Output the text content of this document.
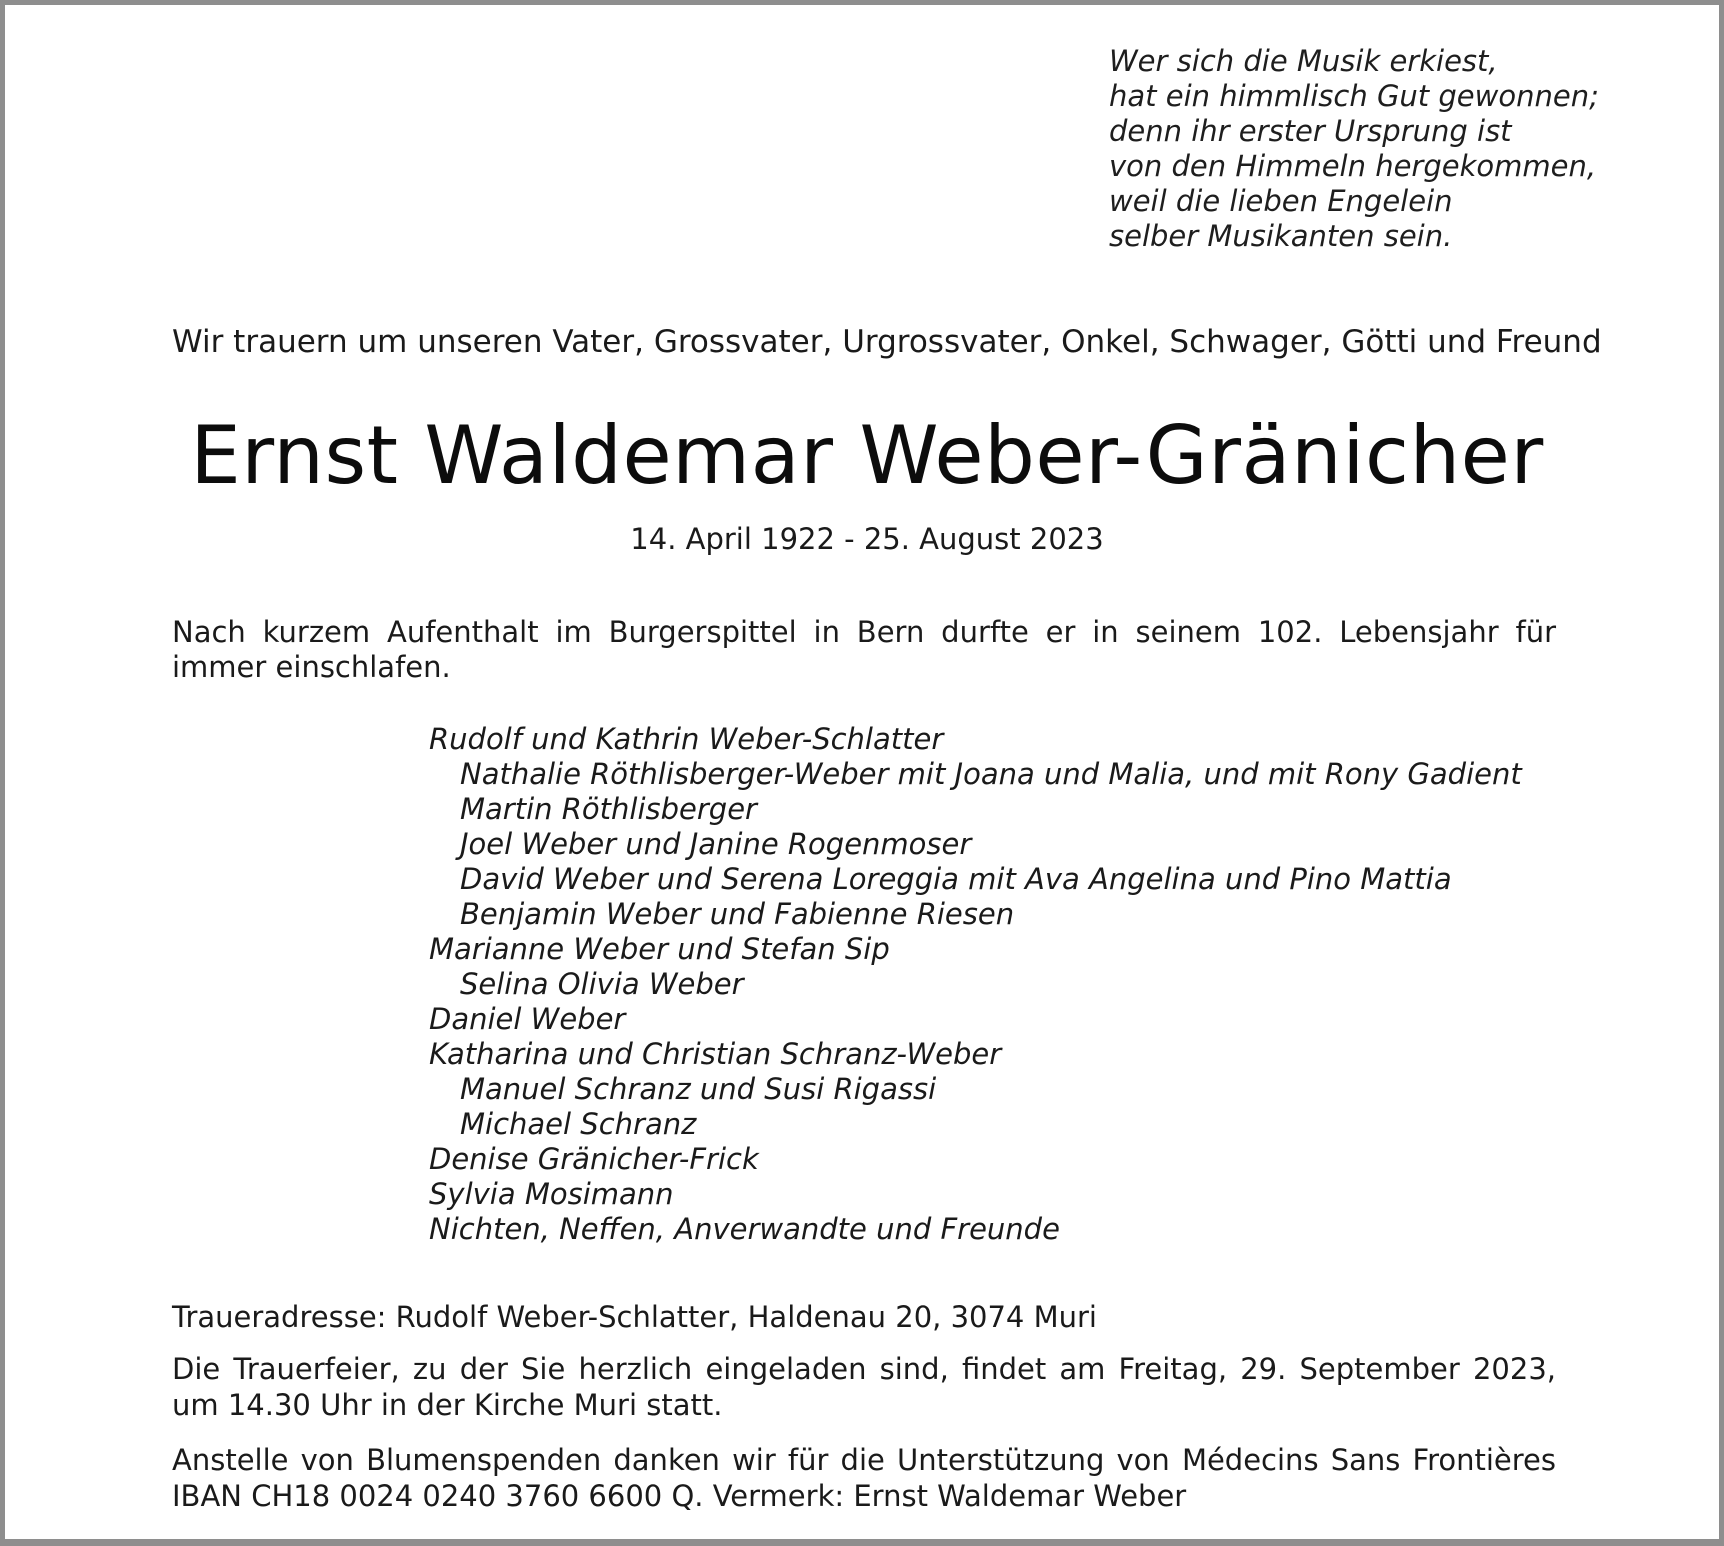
Wer sich die Musik erkiest,
hat ein himmlisch Gut gewonnen;
denn ihr erster Ursprung ist
von den Himmeln hergekommen,
weil die lieben Engelein
selber Musikanten sein.
Wir trauern um unseren Vater, Grossvater, Urgrossvater, Onkel, Schwager, Götti und Freund
Ernst Waldemar Weber-Gränicher
14. April 1922 - 25. August 2023
Nach kurzem Aufenthalt im Burgerspittel in Bern durfte er in seinem 102. Lebensjahr für
immer einschlafen.
Rudolf und Kathrin Weber-Schlatter
Nathalie Röthlisberger-Weber mit Joana und Malia, und mit Rony Gadient
Martin Röthlisberger
Joel Weber und Janine Rogenmoser
David Weber und Serena Loreggia mit Ava Angelina und Pino Mattia
Benjamin Weber und Fabienne Riesen
Marianne Weber und Stefan Sip
Selina Olivia Weber
Daniel Weber
Katharina und Christian Schranz-Weber
Manuel Schranz und Susi Rigassi
Michael Schranz
Denise Gränicher-Frick
Sylvia Mosimann
Nichten, Neffen, Anverwandte und Freunde
Traueradresse: Rudolf Weber-Schlatter, Haldenau 20, 3074 Muri
Die Trauerfeier, zu der Sie herzlich eingeladen sind, findet am Freitag, 29. September 2023,
um 14.30 Uhr in der Kirche Muri statt.
Anstelle von Blumenspenden danken wir für die Unterstützung von Médecins Sans Frontières
IBAN CH18 0024 0240 3760 6600 Q. Vermerk: Ernst Waldemar Weber
